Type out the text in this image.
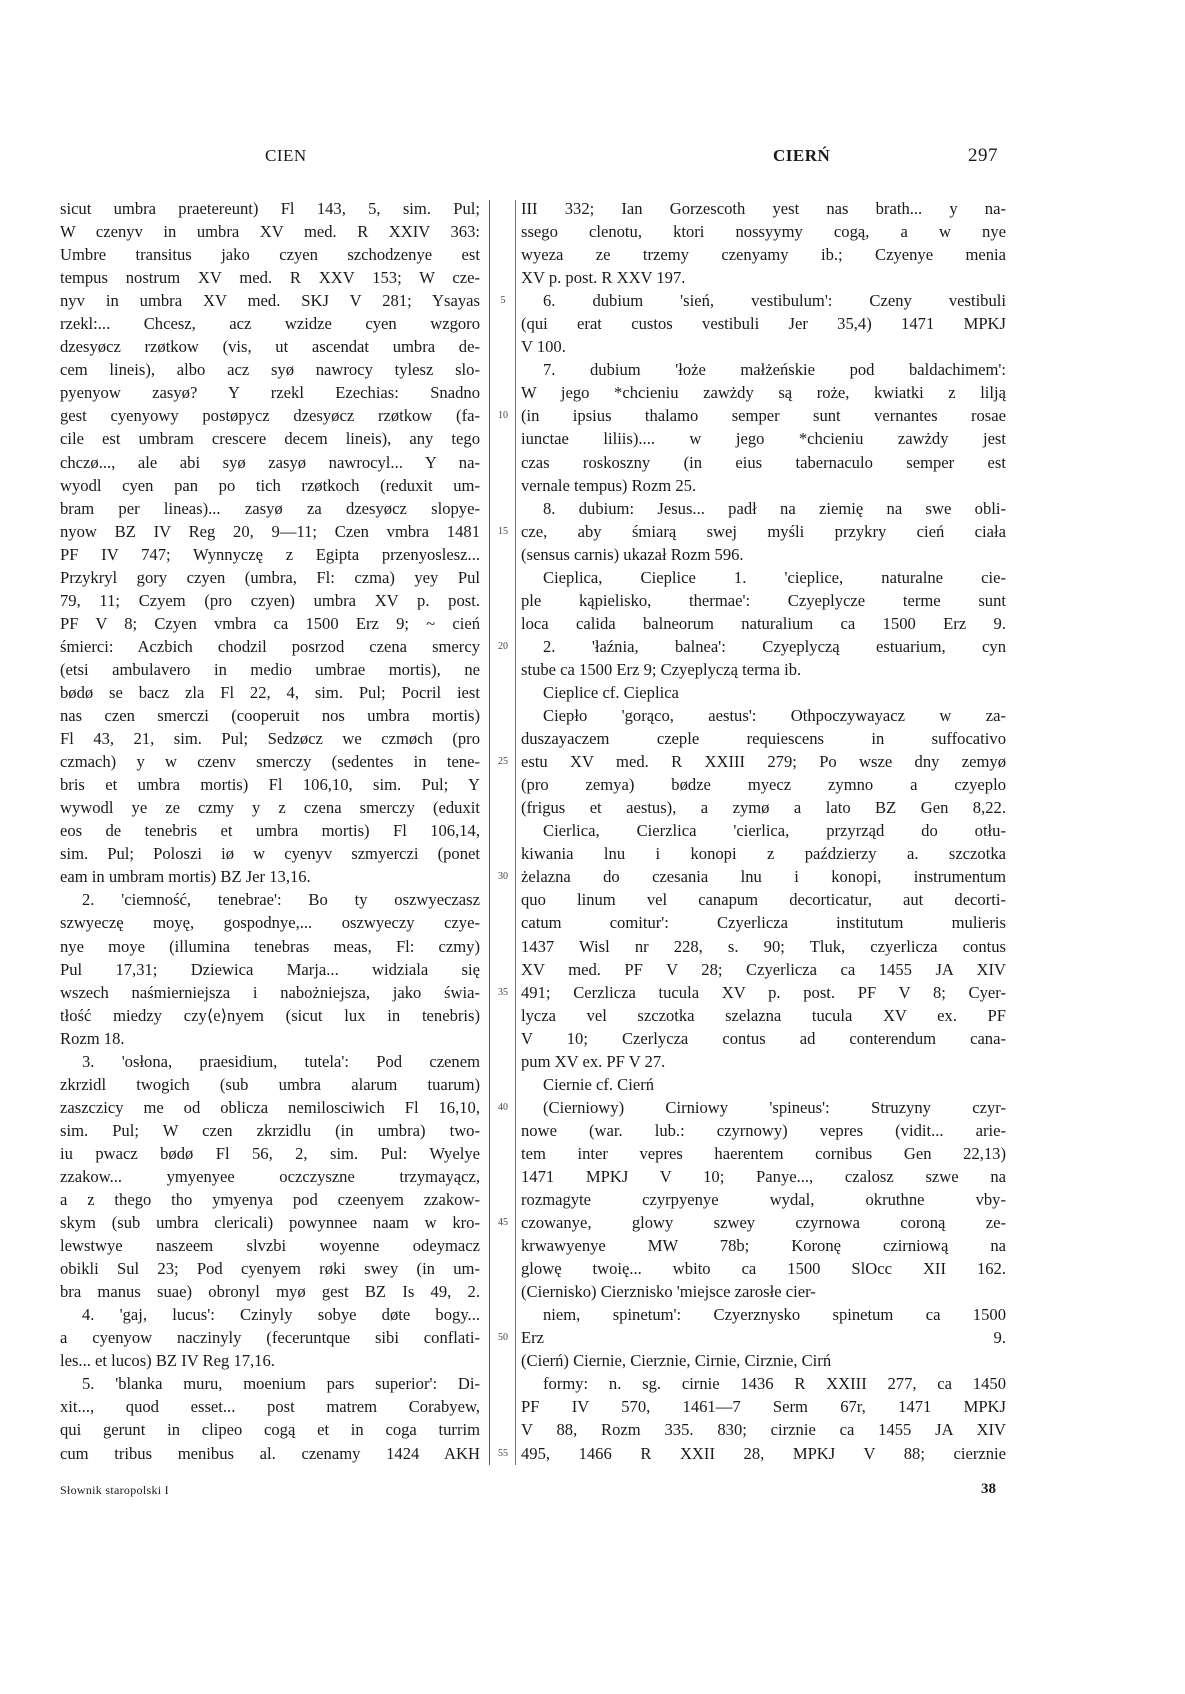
CIEN	CIERŃ	297
sicut umbra praetereunt) Fl 143, 5, sim. Pul;
W czenyv in umbra XV med. R XXIV 363:
Umbre transitus jako czyen szchodzenye est
tempus nostrum XV med. R XXV 153; W cze-
nyv in umbra XV med. SKJ V 281; Ysayas
rzekl:... Chcesz, acz wzidze cyen wzgoro
dzesyøcz rzøtkow (vis, ut ascendat umbra de-
cem lineis), albo acz syø nawrocy tylesz slo-
pyenyow zasyø? Y rzekl Ezechias: Snadno
gest cyenyowy postøpycz dzesyøcz rzøtkow (fa-
cile est umbram crescere decem lineis), any tego
chczø..., ale abi syø zasyø nawrocyl... Y na-
wyodl cyen pan po tich rzøtkoch (reduxit um-
bram per lineas)... zasyø za dzesyøcz slopye-
nyow BZ IV Reg 20, 9—11; Czen vmbra 1481
PF IV 747; Wynnyczę z Egipta przenyoslesz...
Przykryl gory czyen (umbra, Fl: czma) yey Pul
79, 11; Czyem (pro czyen) umbra XV p. post.
PF V 8; Czyen vmbra ca 1500 Erz 9; ~ cień
śmierci: Aczbich chodzil posrzod czena smercy
(etsi ambulavero in medio umbrae mortis), ne
bødø se bacz zla Fl 22, 4, sim. Pul; Pocril iest
nas czen smerczi (cooperuit nos umbra mortis)
Fl 43, 21, sim. Pul; Sedzøcz we czmøch (pro
czmach) y w czenv smerczy (sedentes in tene-
bris et umbra mortis) Fl 106,10, sim. Pul; Y
wywodl ye ze czmy y z czena smerczy (eduxit
eos de tenebris et umbra mortis) Fl 106,14,
sim. Pul; Poloszi iø w cyenyv szmyerczi (ponet
eam in umbram mortis) BZ Jer 13,16.
2. 'ciemność, tenebrae': Bo ty oszwyeczasz
szwyeczę moyę, gospodnye,... oszwyeczy czye-
nye moye (illumina tenebras meas, Fl: czmy)
Pul 17,31; Dziewica Marja... widziala się
wszech naśmierniejsza i nabożniejsza, jako świa-
tłość miedzy czy⟨e⟩nyem (sicut lux in tenebris)
Rozm 18.
3. 'osłona, praesidium, tutela': Pod czenem
zkrzidl twogich (sub umbra alarum tuarum)
zaszczicy me od oblicza nemilosciwich Fl 16,10,
sim. Pul; W czen zkrzidlu (in umbra) two-
iu pwacz bødø Fl 56, 2, sim. Pul: Wyelye
zzakow... ymyenyee oczczyszne trzymayącz,
a z thego tho ymyenya pod czeenyem zzakow-
skym (sub umbra clericali) powynnee naam w kro-
lewstwye naszeem slvzbi woyenne odeymacz
obikli Sul 23; Pod cyenyem røki swey (in um-
bra manus suae) obronyl myø gest BZ Is 49, 2.
4. 'gaj, lucus': Czinyly sobye døte bogy...
a cyenyow naczinyly (feceruntque sibi conflati-
les... et lucos) BZ IV Reg 17,16.
5. 'blanka muru, moenium pars superior': Di-
xit..., quod esset... post matrem Corabyew,
qui gerunt in clipeo cogą et in coga turrim
cum tribus menibus al. czenamy 1424 AKH
III 332; Ian Gorzescoth yest nas brath... y na-
ssego clenotu, ktori nossyymy cogą, a w nye
wyeza ze trzemy czenyamy ib.; Czyenye menia
XV p. post. R XXV 197.
6. dubium 'sień, vestibulum': Czeny vestibuli
(qui erat custos vestibuli Jer 35,4) 1471 MPKJ
V 100.
7. dubium 'łoże małżeńskie pod baldachimem':
W jego *chcieniu zawżdy są rożе, kwiatki z lilją
(in ipsius thalamo semper sunt vernantes rosae
iunctae liliis).... w jego *chcieniu zawżdy jest
czas roskoszny (in eius tabernaculo semper est
vernale tempus) Rozm 25.
8. dubium: Jesus... padł na ziemię na swe obli-
cze, aby śmiarą swej myśli przykry cień ciała
(sensus carnis) ukazał Rozm 596.
Cieplica, Cieplice 1. 'cieplice, naturalne cie-
ple kąpielisko, thermae': Czyeplycze terme sunt
loca calida balneorum naturalium ca 1500 Erz 9.
2. 'łaźnia, balnea': Czyeplyczą estuarium, cyn
stube ca 1500 Erz 9; Czyeplyczą terma ib.
Cieplice cf. Cieplica
Ciepło 'gorąco, aestus': Othpoczywayacz w za-
duszayaczem czeple requiescens in suffocativo
estu XV med. R XXIII 279; Po wsze dny zemyø
(pro zemya) bødze myecz zymno a czyeplo
(frigus et aestus), a zymø a lato BZ Gen 8,22.
Cierlica, Cierzlica 'cierlica, przyrząd do otłu-
kiwania lnu i konopi z paździerzy a. szczotka
żelazna do czesania lnu i konopi, instrumentum
quo linum vel canapum decorticatur, aut decorti-
catum comitur': Czyerlicza institutum mulieris
1437 Wisl nr 228, s. 90; Tluk, czyerlicza contus
XV med. PF V 28; Czyerlicza ca 1455 JA XIV
491; Cerzlicza tucula XV p. post. PF V 8; Cyer-
lycza vel szczotka szelazna tucula XV ex. PF
V 10; Czerlycza contus ad conterendum cana-
pum XV ex. PF V 27.
Ciernie cf. Cierń
(Cierniowy) Cirniowy 'spineus': Struzyny czyr-
nowe (war. lub.: czyrnowy) vepres (vidit... arie-
tem inter vepres haerentem cornibus Gen 22,13)
1471 MPKJ V 10; Panye..., czalosz szwe na
rozmagyte czyrpyenye wydal, okruthne vby-
czowanye, glowy szwey czyrnowa coroną ze-
krwawyenye MW 78b; Koronę czirniową na
glowę twoię... wbito ca 1500 SlOcc XII 162.
(Ciernisko) Cierznisko 'miejsce zarosłe cier-
niem, spinetum': Czyerznysko spinetum ca 1500
Erz 9.
(Cierń) Ciernie, Cierznie, Cirnie, Cirznie, Cirń
formy: n. sg. cirnie 1436 R XXIII 277, ca 1450
PF IV 570, 1461—7 Serm 67r, 1471 MPKJ
V 88, Rozm 335. 830; cirznie ca 1455 JA XIV
495, 1466 R XXII 28, MPKJ V 88; cierznie
Słownik staropolski I	38
5
10
15
20
25
30
35
40
45
50
55
